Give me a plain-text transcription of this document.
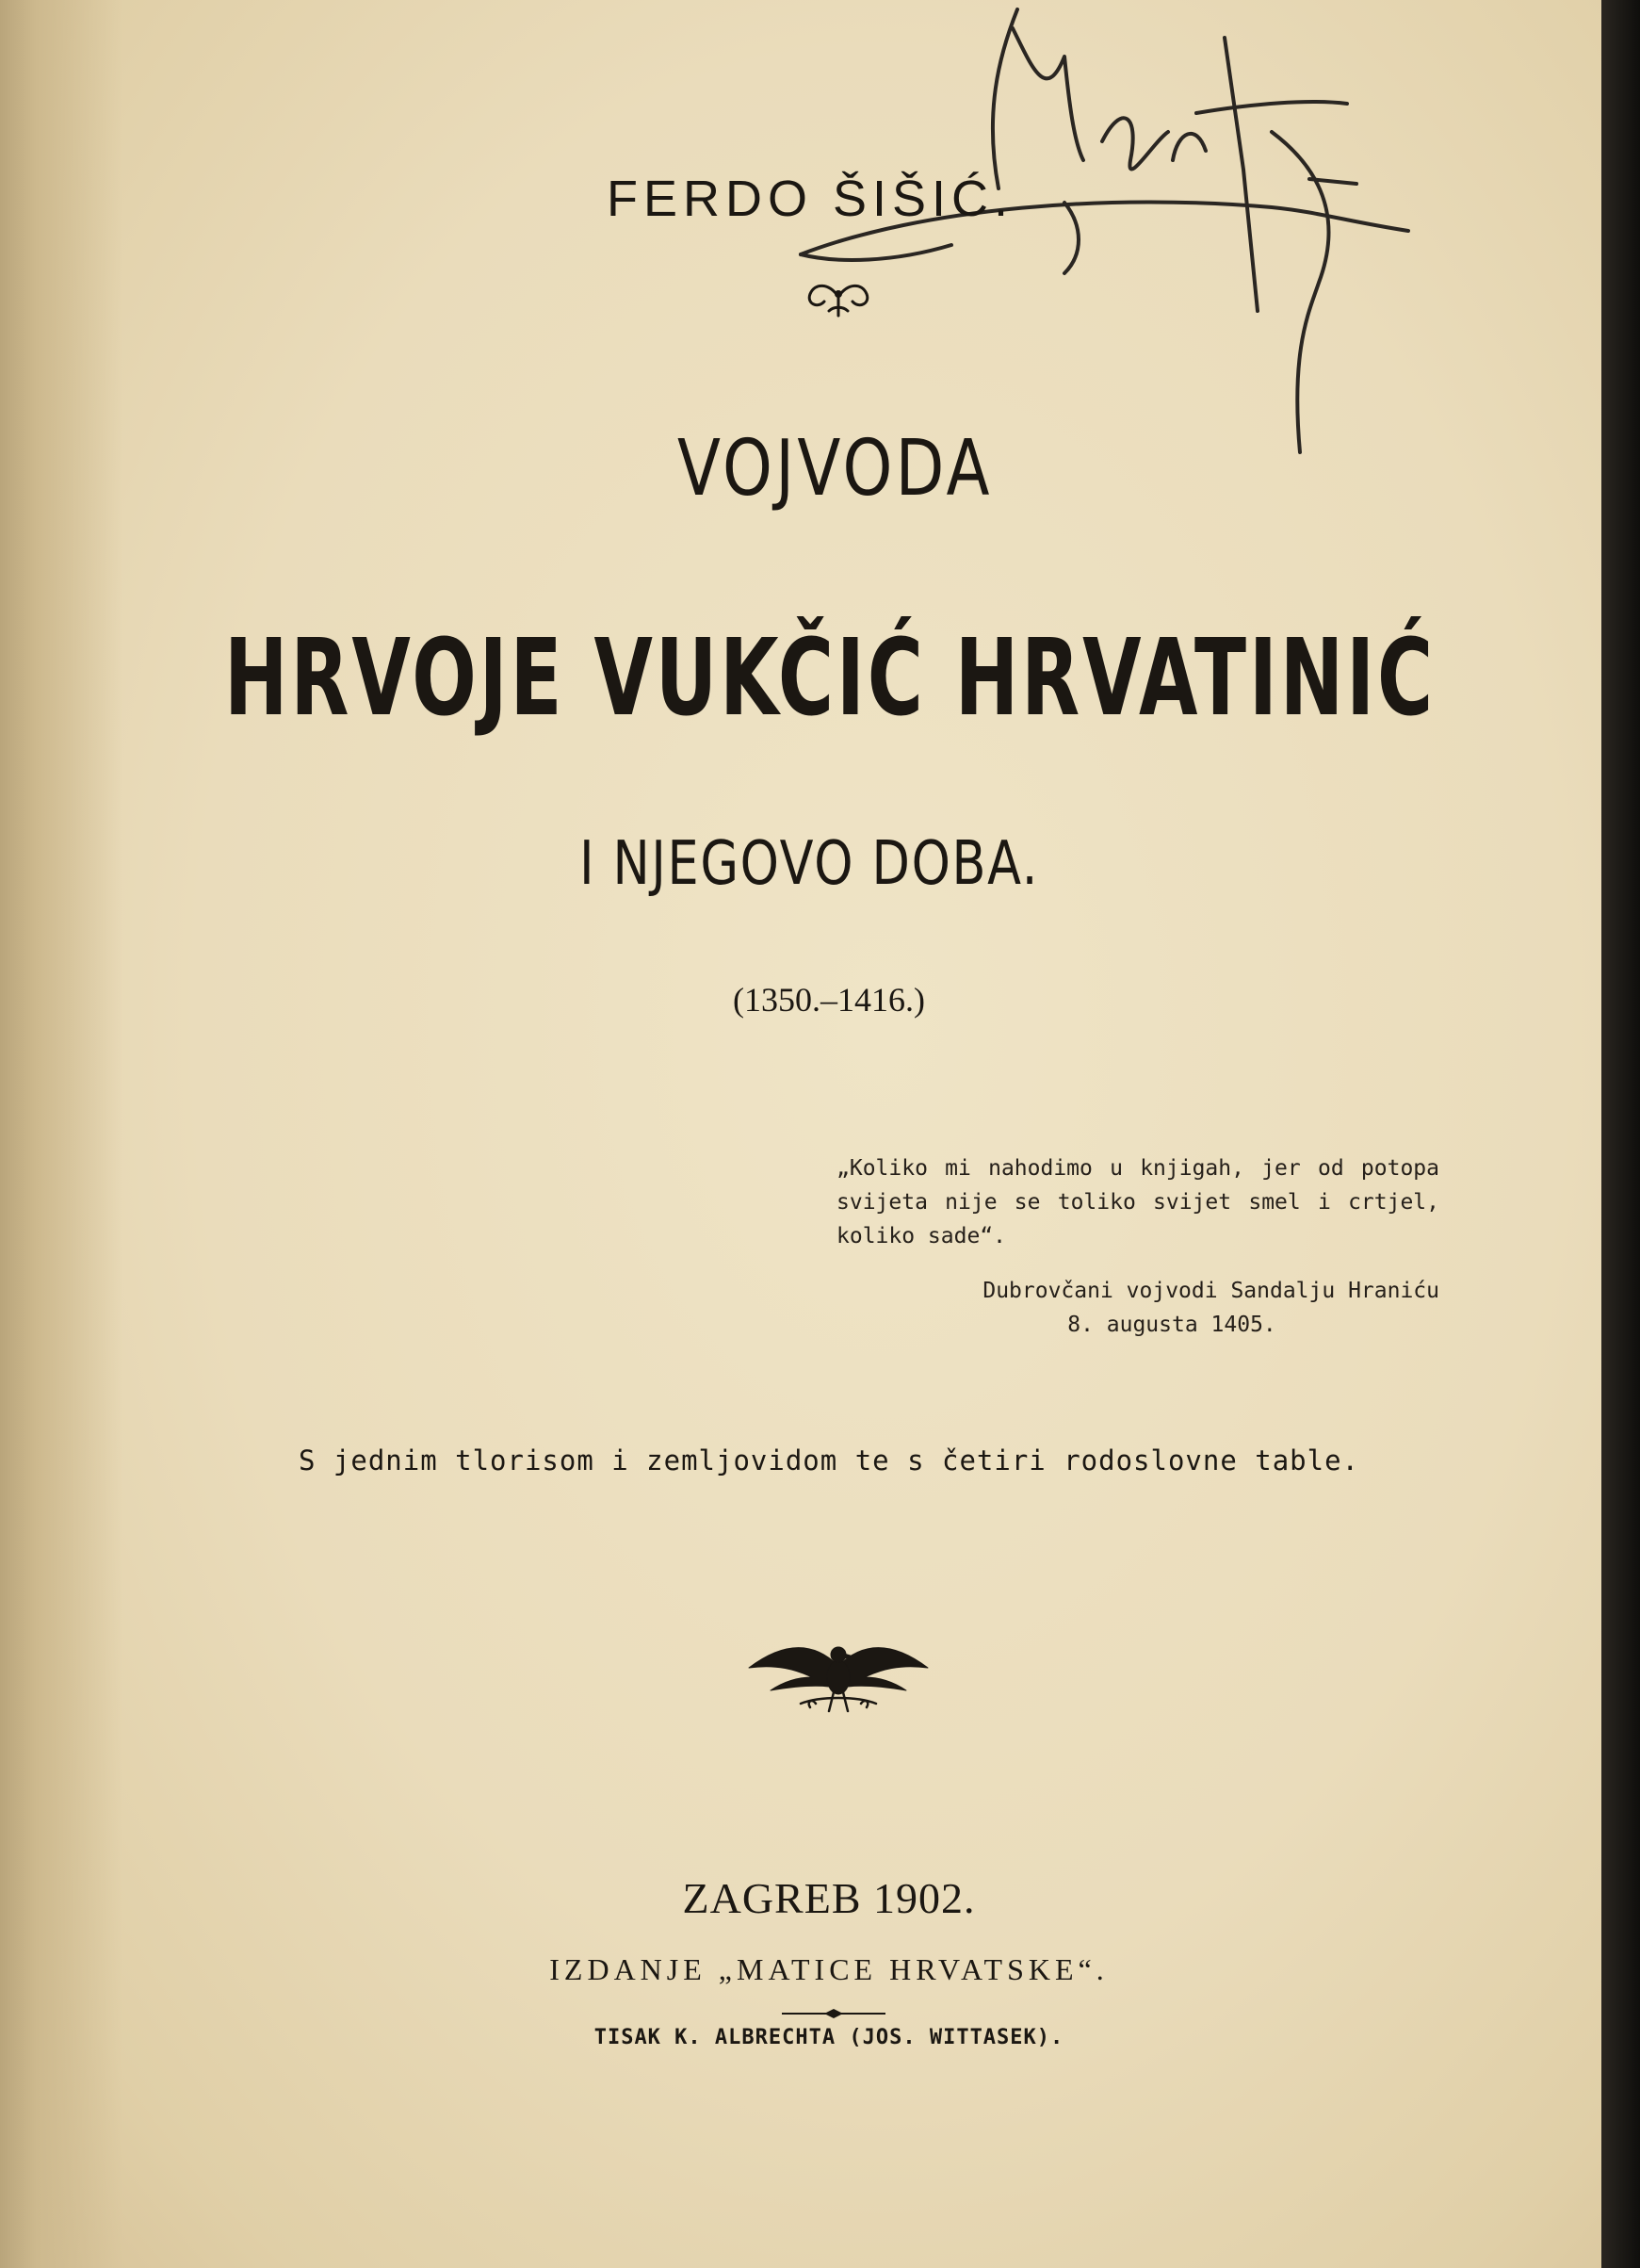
FERDO ŠIŠIĆ.
VOJVODA
HRVOJE VUKČIĆ HRVATINIĆ
I NJEGOVO DOBA.
(1350.–1416.)
„Koliko mi nahodimo u knjigah, jer od potopa svijeta nije se toliko svijet smel i crtjel, koliko sade“.
Dubrovčani vojvodi Sandalju Hraniću
8. augusta 1405.
S jednim tlorisom i zemljovidom te s četiri rodoslovne table.
ZAGREB 1902.
IZDANJE „MATICE HRVATSKE“.
TISAK K. ALBRECHTA (JOS. WITTASEK).
